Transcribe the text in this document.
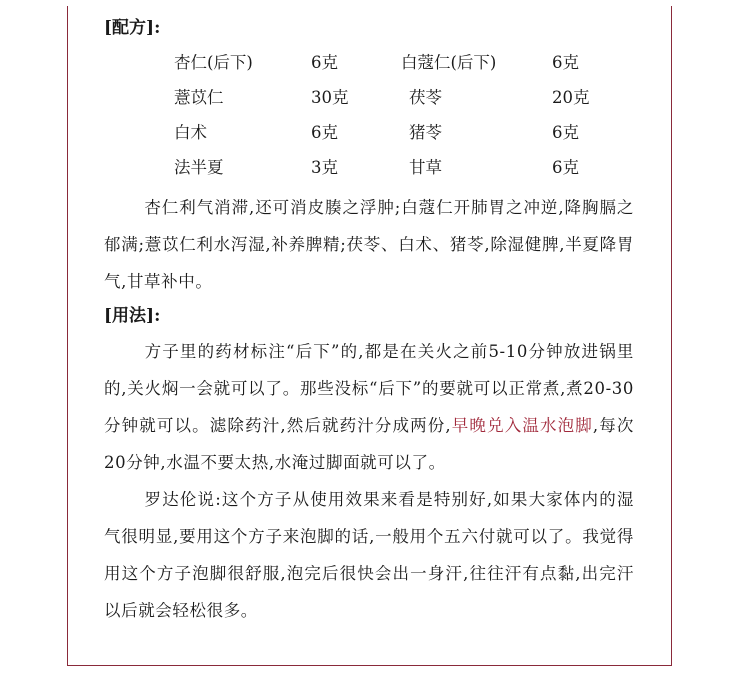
[配方]:
杏仁(后下)	6克	白蔻仁(后下)	6克
薏苡仁	30克	茯苓	20克
白术	6克	猪苓	6克
法半夏	3克	甘草	6克
杏仁利气消滞,还可消皮腠之浮肿;白蔻仁开肺胃之冲逆,降胸膈之郁满;薏苡仁利水泻湿,补养脾精;茯苓、白术、猪苓,除湿健脾,半夏降胃气,甘草补中。
[用法]:
方子里的药材标注“后下”的,都是在关火之前5-10分钟放进锅里的,关火焖一会就可以了。那些没标“后下”的要就可以正常煮,煮20-30分钟就可以。滤除药汁,然后就药汁分成两份,早晚兑入温水泡脚,每次20分钟,水温不要太热,水淹过脚面就可以了。
罗达伦说:这个方子从使用效果来看是特别好,如果大家体内的湿气很明显,要用这个方子来泡脚的话,一般用个五六付就可以了。我觉得用这个方子泡脚很舒服,泡完后很快会出一身汗,往往汗有点黏,出完汗以后就会轻松很多。
